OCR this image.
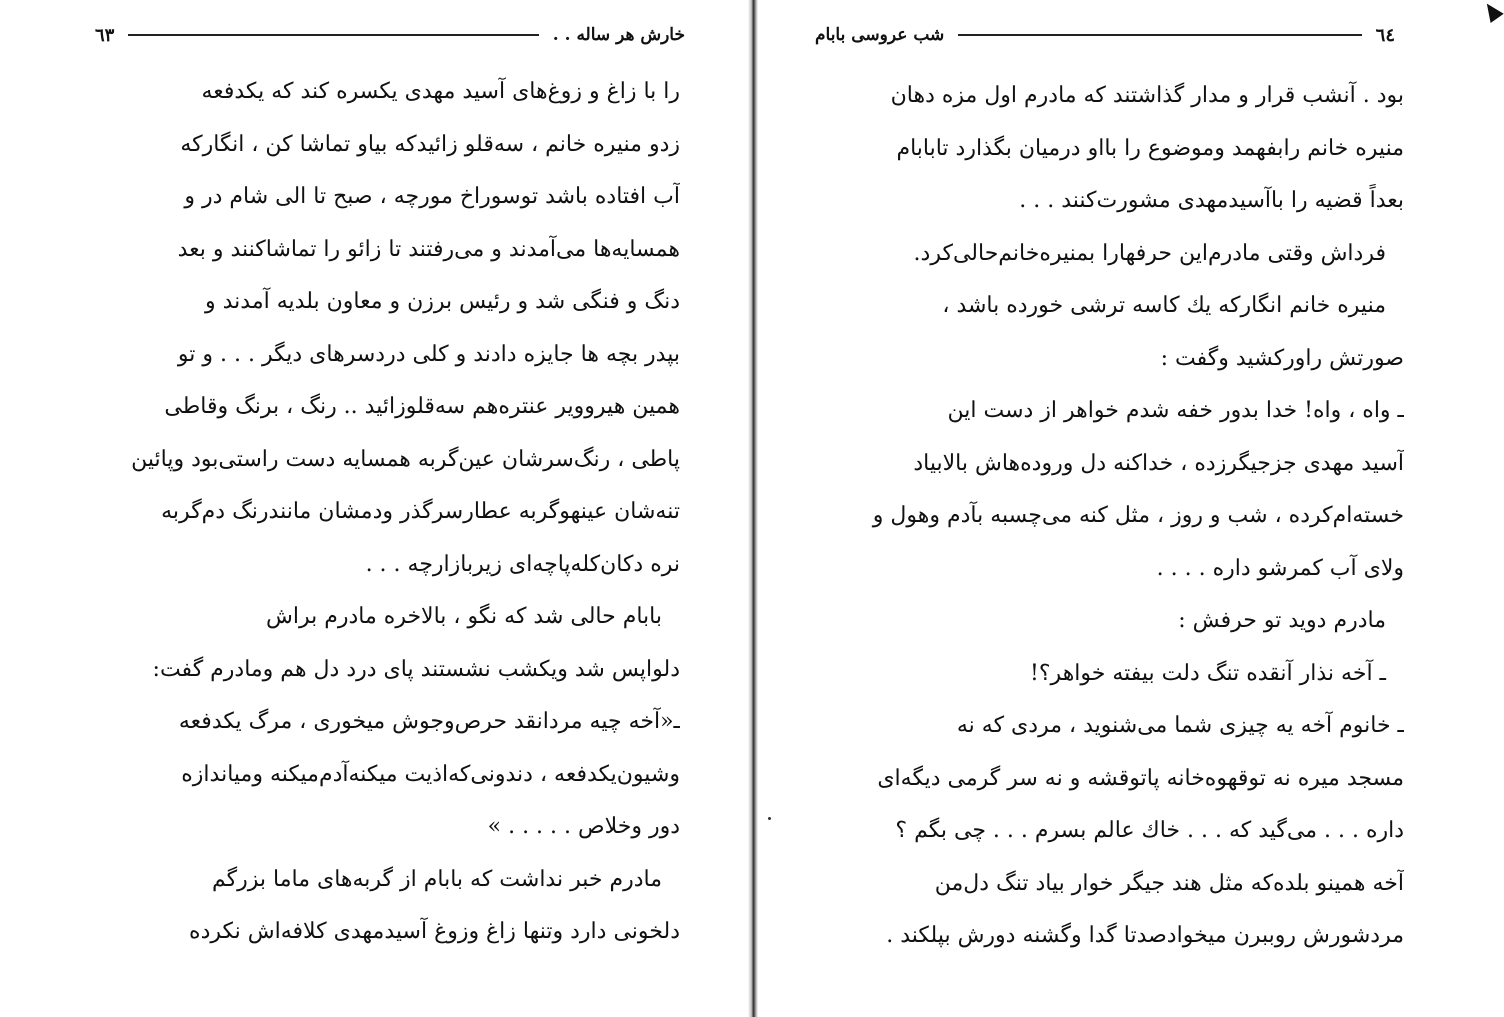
خارش هر ساله . .
٦٣
را با زاغ و زوغ‌های آسید مهدی یکسره کند که یکدفعه
زدو منیره خانم ، سه‌قلو زائیدکه بیاو تماشا کن ، انگارکه
آب افتاده باشد توسوراخ مورچه ، صبح تا الی شام در و
همسایه‌ها می‌آمدند و می‌رفتند تا زائو را تماشاکنند و بعد
دنگ و فنگی شد و رئیس برزن و معاون بلدیه آمدند و
بپدر بچه ها جایزه دادند و کلی دردسرهای دیگر . . . و تو
همین هیروویر عنتره‌هم سه‌قلوزائید .. رنگ ، برنگ وقاطی
پاطی ، رنگ‌سرشان عین‌گربه همسایه دست راستی‌بود وپائین
تنه‌شان عینهوگربه عطارسرگذر ودمشان مانندرنگ دم‌گربه
نره دکان‌کله‌پاچه‌ای زیربازارچه . . .
بابام حالی شد که نگو ، بالاخره مادرم براش
دلواپس شد ویکشب نشستند پای درد دل هم ومادرم گفت:
ـ«آخه چیه مردانقد حرص‌وجوش میخوری ، مرگ یکدفعه
وشیون‌یکدفعه ، دندونی‌که‌اذیت میکنه‌آدم‌میکنه ومیاندازه
دور وخلاص . . . . . »
مادرم خبر نداشت که بابام از گربه‌های ماما بزرگم
دلخونی دارد وتنها زاغ وزوغ آسیدمهدی کلافه‌اش نکرده
٦٤
شب عروسی بابام
بود . آنشب قرار و مدار گذاشتند که مادرم اول مزه دهان
منیره خانم رابفهمد وموضوع را باا‌و درمیان بگذارد تابابام
بعداً قضیه را باآسیدمهدی مشورت‌کنند . . .
فرداش وقتی مادرم‌این حرفهارا بمنیره‌خانم‌حالی‌کرد.
منیره خانم انگارکه یك کاسه ترشی خورده باشد ،
صورتش راورکشید وگفت :
ـ واه ، واه! خدا بدور خفه شدم خواهر از دست این
آسید مهدی جزجیگرزده ، خداکنه دل وروده‌هاش بالابیاد
خسته‌ام‌کرده ، شب و روز ، مثل کنه می‌چسبه بآدم وهول و
ولای آب کمرشو داره . . . .
مادرم دوید تو حرفش :
ـ آخه نذار آنقده تنگ دلت بیفته خواهر؟!
ـ خانوم آخه یه چیزی شما می‌شنوید ، مردی که نه
مسجد میره نه توقهوه‌خانه پاتوقشه و نه سر گرمی دیگه‌ای
داره . . . می‌گید که . . . خاك عالم بسرم . . . چی بگم ؟
آخه همینو بلده‌که مثل هند جیگر خوار بیاد تنگ دل‌من
مردشورش روببرن میخوادصدتا گدا وگشنه دورش بپلکند .
